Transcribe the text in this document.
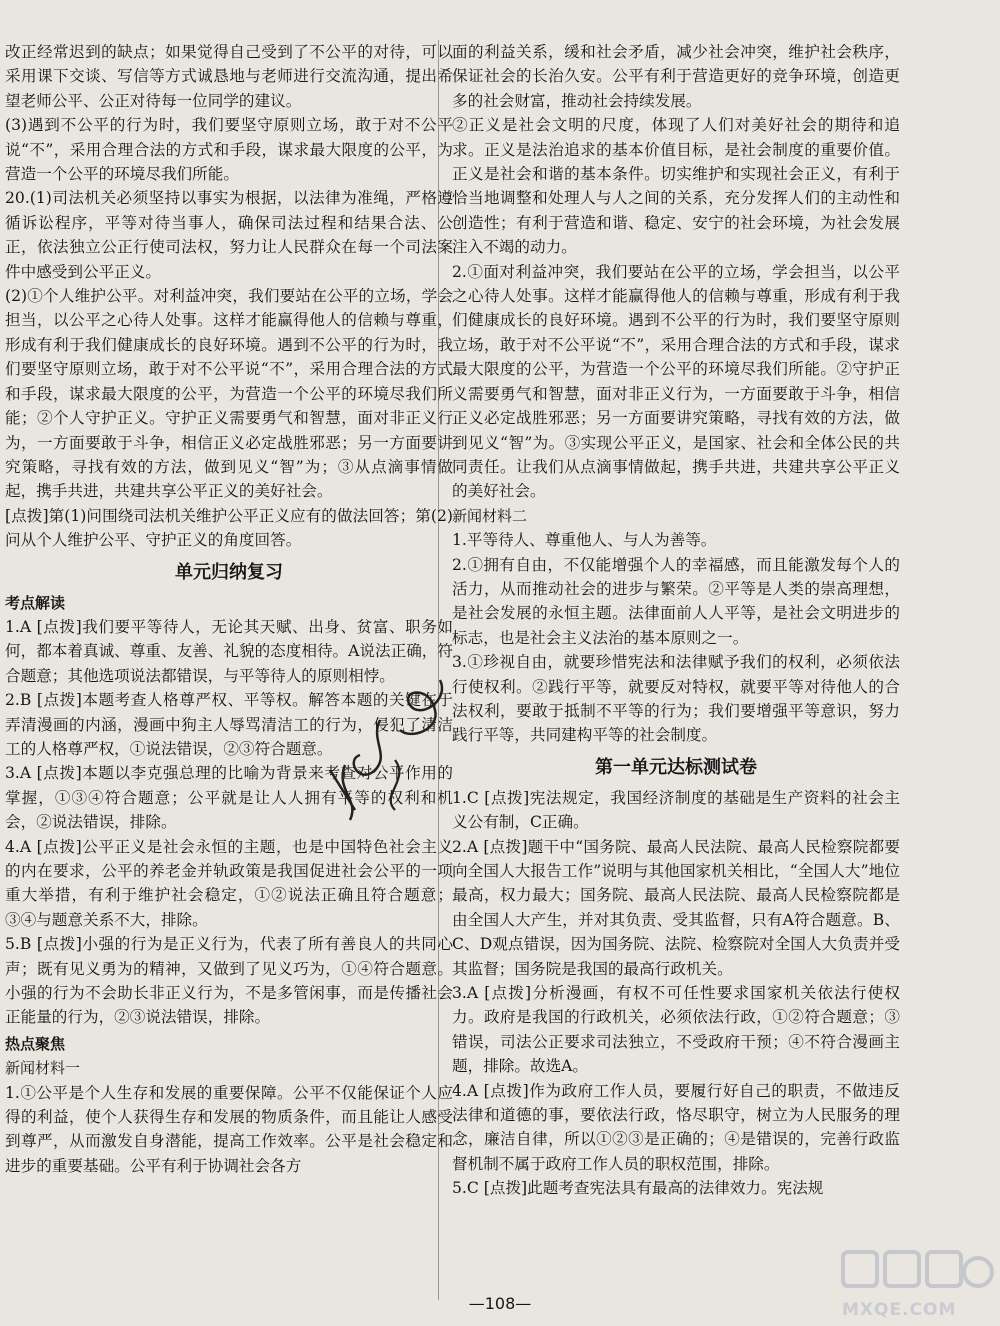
改正经常迟到的缺点；如果觉得自己受到了不公平的对待，可以采用课下交谈、写信等方式诚恳地与老师进行交流沟通，提出希望老师公平、公正对待每一位同学的建议。

(3)遇到不公平的行为时，我们要坚守原则立场，敢于对不公平说“不”，采用合理合法的方式和手段，谋求最大限度的公平，为营造一个公平的环境尽我们所能。

20.(1)司法机关必须坚持以事实为根据，以法律为准绳，严格遵循诉讼程序，平等对待当事人，确保司法过程和结果合法、公正，依法独立公正行使司法权，努力让人民群众在每一个司法案件中感受到公平正义。

(2)①个人维护公平。对利益冲突，我们要站在公平的立场，学会担当，以公平之心待人处事。这样才能赢得他人的信赖与尊重，形成有利于我们健康成长的良好环境。遇到不公平的行为时，我们要坚守原则立场，敢于对不公平说“不”，采用合理合法的方式和手段，谋求最大限度的公平，为营造一个公平的环境尽我们所能；②个人守护正义。守护正义需要勇气和智慧，面对非正义行为，一方面要敢于斗争，相信正义必定战胜邪恶；另一方面要讲究策略，寻找有效的方法，做到见义“智”为；③从点滴事情做起，携手共进，共建共享公平正义的美好社会。

[点拨]第(1)问围绕司法机关维护公平正义应有的做法回答；第(2)问从个人维护公平、守护正义的角度回答。

单元归纳复习
考点解读

1.A [点拨]我们要平等待人，无论其天赋、出身、贫富、职务如何，都本着真诚、尊重、友善、礼貌的态度相待。A说法正确，符合题意；其他选项说法都错误，与平等待人的原则相悖。

2.B [点拨]本题考查人格尊严权、平等权。解答本题的关键在于弄清漫画的内涵，漫画中狗主人辱骂清洁工的行为，侵犯了清洁工的人格尊严权，①说法错误，②③符合题意。

3.A [点拨]本题以李克强总理的比喻为背景来考查对公平作用的掌握，①③④符合题意；公平就是让人人拥有平等的权利和机会，②说法错误，排除。

4.A [点拨]公平正义是社会永恒的主题，也是中国特色社会主义的内在要求，公平的养老金并轨政策是我国促进社会公平的一项重大举措，有利于维护社会稳定，①②说法正确且符合题意；③④与题意关系不大，排除。

5.B [点拨]小强的行为是正义行为，代表了所有善良人的共同心声；既有见义勇为的精神，又做到了见义巧为，①④符合题意。小强的行为不会助长非正义行为，不是多管闲事，而是传播社会正能量的行为，②③说法错误，排除。

热点聚焦

新闻材料一

1.①公平是个人生存和发展的重要保障。公平不仅能保证个人应得的利益，使个人获得生存和发展的物质条件，而且能让人感受到尊严，从而激发自身潜能，提高工作效率。公平是社会稳定和进步的重要基础。公平有利于协调社会各方

面的利益关系，缓和社会矛盾，减少社会冲突，维护社会秩序，保证社会的长治久安。公平有利于营造更好的竞争环境，创造更多的社会财富，推动社会持续发展。

②正义是社会文明的尺度，体现了人们对美好社会的期待和追求。正义是法治追求的基本价值目标，是社会制度的重要价值。正义是社会和谐的基本条件。切实维护和实现社会正义，有利于恰当地调整和处理人与人之间的关系，充分发挥人们的主动性和创造性；有利于营造和谐、稳定、安宁的社会环境，为社会发展注入不竭的动力。

2.①面对利益冲突，我们要站在公平的立场，学会担当，以公平之心待人处事。这样才能赢得他人的信赖与尊重，形成有利于我们健康成长的良好环境。遇到不公平的行为时，我们要坚守原则立场，敢于对不公平说“不”，采用合理合法的方式和手段，谋求最大限度的公平，为营造一个公平的环境尽我们所能。②守护正义需要勇气和智慧，面对非正义行为，一方面要敢于斗争，相信正义必定战胜邪恶；另一方面要讲究策略，寻找有效的方法，做到见义“智”为。③实现公平正义，是国家、社会和全体公民的共同责任。让我们从点滴事情做起，携手共进，共建共享公平正义的美好社会。

新闻材料二

1.平等待人、尊重他人、与人为善等。

2.①拥有自由，不仅能增强个人的幸福感，而且能激发每个人的活力，从而推动社会的进步与繁荣。②平等是人类的崇高理想，是社会发展的永恒主题。法律面前人人平等，是社会文明进步的标志，也是社会主义法治的基本原则之一。

3.①珍视自由，就要珍惜宪法和法律赋予我们的权利，必须依法行使权利。②践行平等，就要反对特权，就要平等对待他人的合法权利，要敢于抵制不平等的行为；我们要增强平等意识，努力践行平等，共同建构平等的社会制度。

第一单元达标测试卷

1.C [点拨]宪法规定，我国经济制度的基础是生产资料的社会主义公有制，C正确。

2.A [点拨]题干中“国务院、最高人民法院、最高人民检察院都要向全国人大报告工作”说明与其他国家机关相比，“全国人大”地位最高，权力最大；国务院、最高人民法院、最高人民检察院都是由全国人大产生，并对其负责、受其监督，只有A符合题意。B、C、D观点错误，因为国务院、法院、检察院对全国人大负责并受其监督；国务院是我国的最高行政机关。

3.A [点拨]分析漫画，有权不可任性要求国家机关依法行使权力。政府是我国的行政机关，必须依法行政，①②符合题意；③错误，司法公正要求司法独立，不受政府干预；④不符合漫画主题，排除。故选A。

4.A [点拨]作为政府工作人员，要履行好自己的职责，不做违反法律和道德的事，要依法行政，恪尽职守，树立为人民服务的理念，廉洁自律，所以①②③是正确的；④是错误的，完善行政监督机制不属于政府工作人员的职权范围，排除。

5.C [点拨]此题考查宪法具有最高的法律效力。宪法规

—108—	MXQE.COM
